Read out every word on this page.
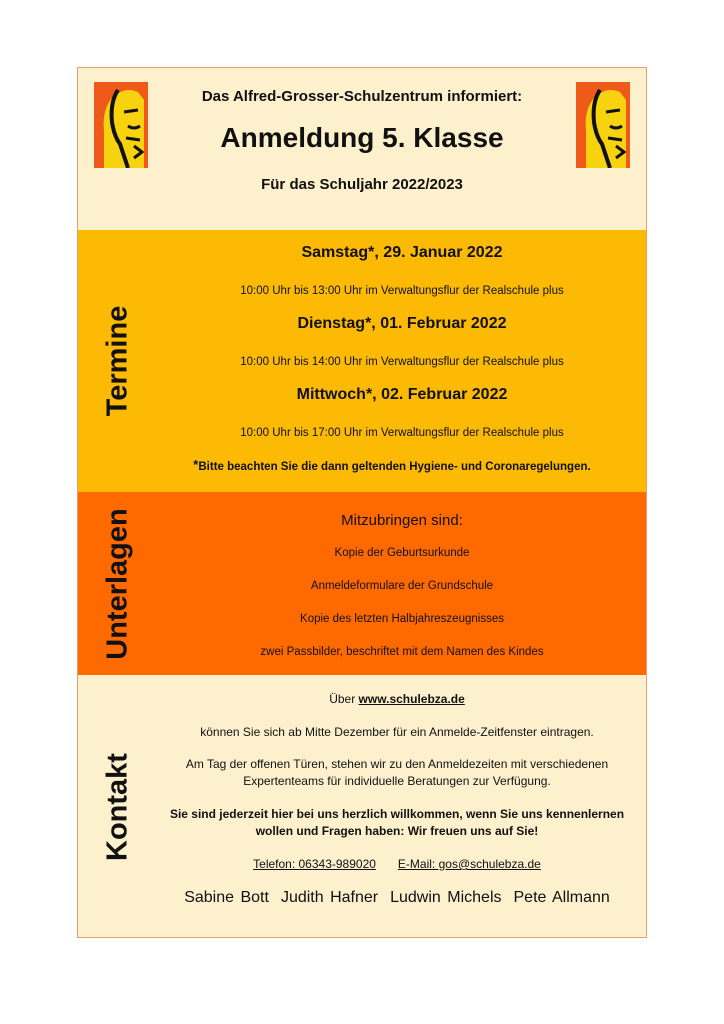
Das Alfred-Grosser-Schulzentrum informiert:
Anmeldung 5. Klasse
Für das Schuljahr 2022/2023
Termine
Samstag*, 29. Januar 2022
10:00 Uhr bis 13:00 Uhr im Verwaltungsflur der Realschule plus
Dienstag*, 01. Februar 2022
10:00 Uhr bis 14:00 Uhr im Verwaltungsflur der Realschule plus
Mittwoch*, 02. Februar 2022
10:00 Uhr bis 17:00 Uhr im Verwaltungsflur der Realschule plus
*Bitte beachten Sie die dann geltenden Hygiene- und Coronaregelungen.
Unterlagen	Mitzubringen sind:
Kopie der Geburtsurkunde
Anmeldeformulare der Grundschule
Kopie des letzten Halbjahreszeugnisses
zwei Passbilder, beschriftet mit dem Namen des Kindes
Kontakt
Über www.schulebza.de
können Sie sich ab Mitte Dezember für ein Anmelde-Zeitfenster eintragen.
Am Tag der offenen Türen, stehen wir zu den Anmeldezeiten mit verschiedenen
Expertenteams für individuelle Beratungen zur Verfügung.
Sie sind jederzeit hier bei uns herzlich willkommen, wenn Sie uns kennenlernen
wollen und Fragen haben: Wir freuen uns auf Sie!
Telefon: 06343-989020 E-Mail: gos@schulebza.de
Sabine Bott Judith Hafner Ludwin Michels Pete Allmann
